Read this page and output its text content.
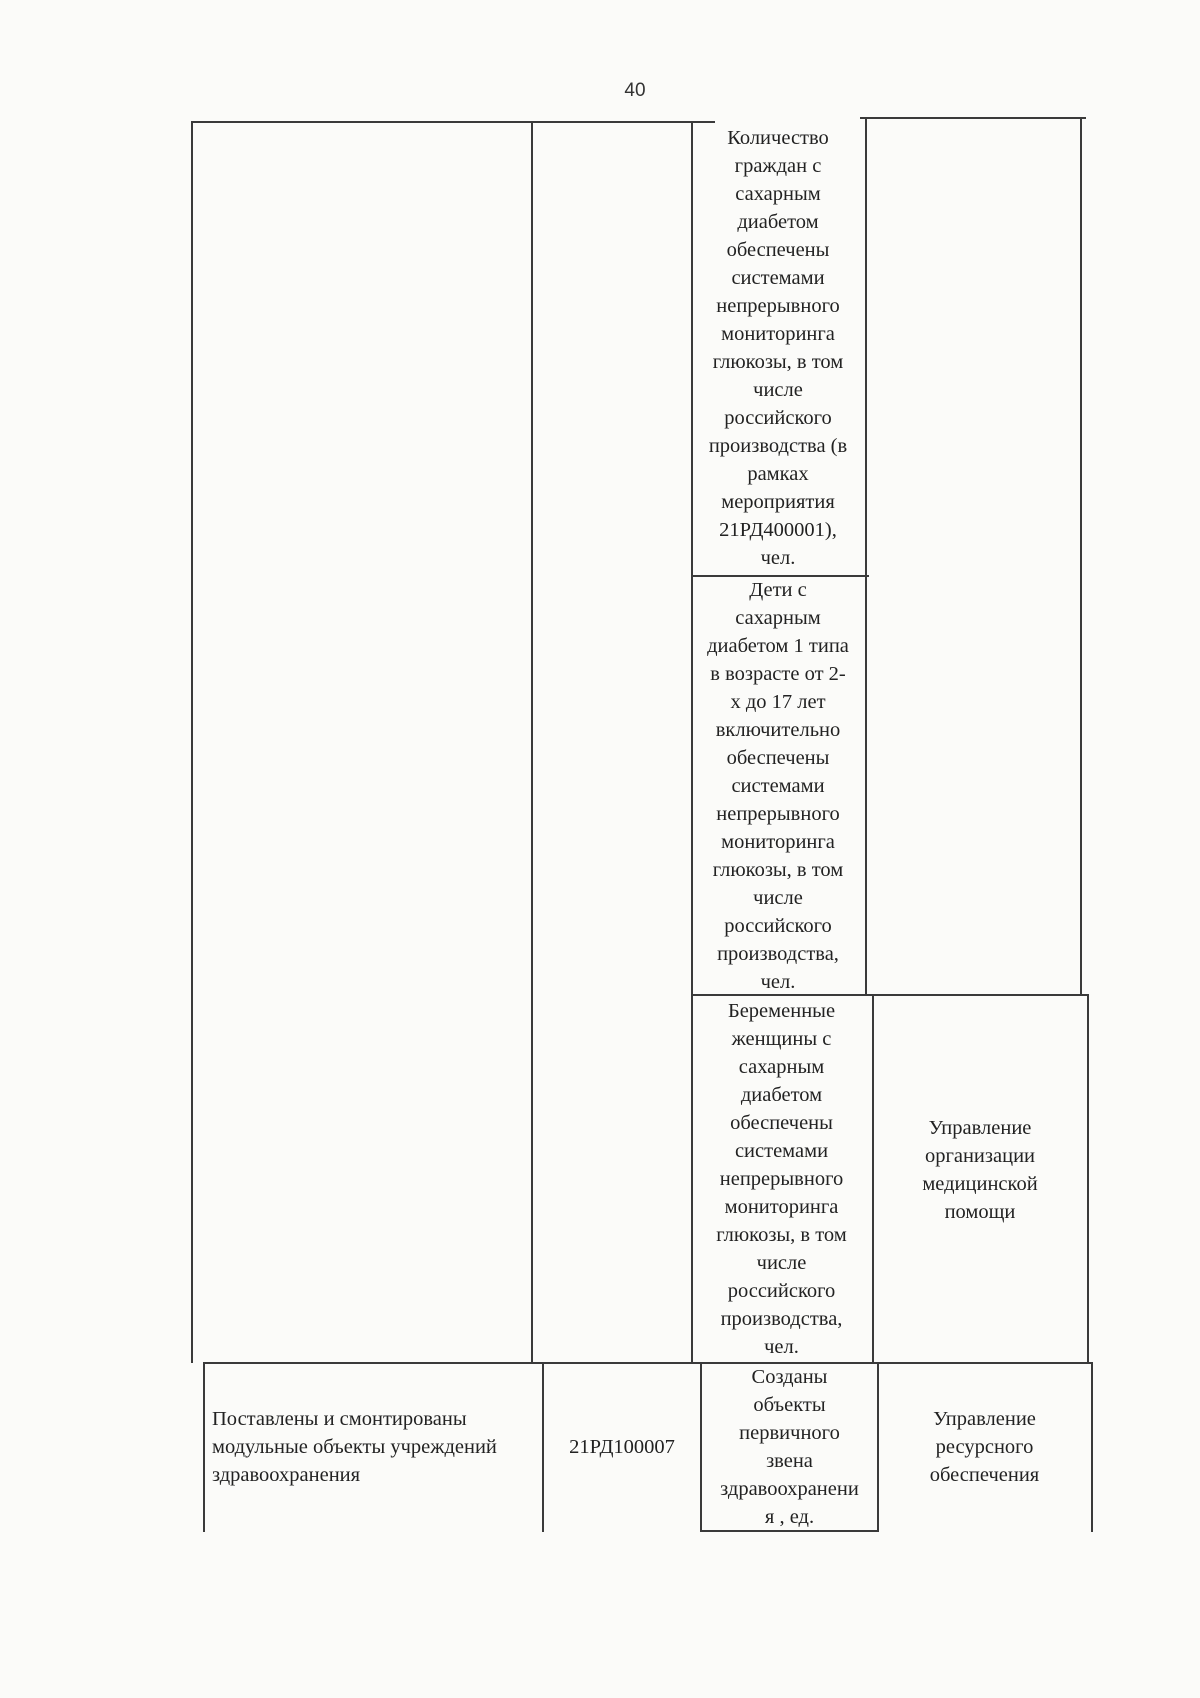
40
Количество
граждан с
сахарным
диабетом
обеспечены
системами
непрерывного
мониторинга
глюкозы, в том
числе
российского
производства (в
рамках
мероприятия
21РД400001),
чел.
Дети с
сахарным
диабетом 1 типа
в возрасте от 2-
х до 17 лет
включительно
обеспечены
системами
непрерывного
мониторинга
глюкозы, в том
числе
российского
производства,
чел.
Беременные
женщины с
сахарным
диабетом
обеспечены
системами
непрерывного
мониторинга
глюкозы, в том
числе
российского
производства,
чел.
Управление
организации
медицинской
помощи
Поставлены и смонтированы
модульные объекты учреждений
здравоохранения
21РД100007
Созданы
объекты
первичного
звена
здравоохранени
я , ед.
Управление
ресурсного
обеспечения
